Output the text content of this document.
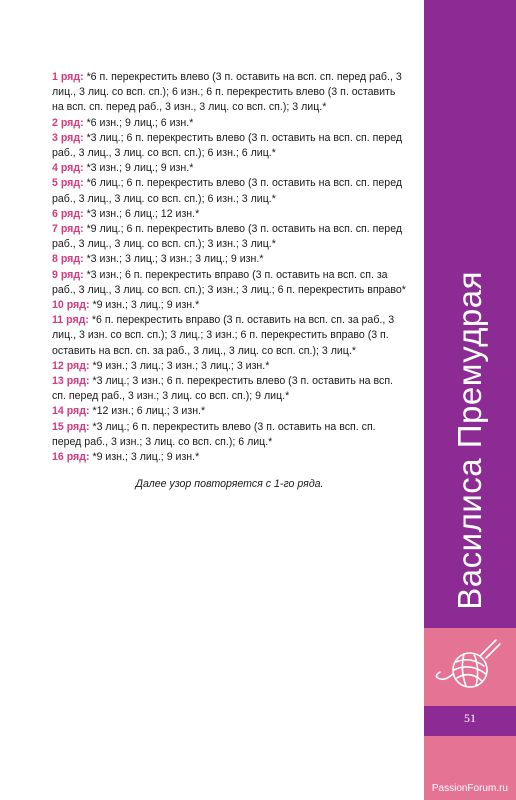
1 ряд: *6 п. перекрестить влево (3 п. оставить на всп. сп. перед раб., 3 лиц., 3 лиц. со всп. сп.); 6 изн.; 6 п. перекрестить влево (3 п. оставить на всп. сп. перед раб., 3 изн., 3 лиц. со всп. сп.); 3 лиц.*
2 ряд: *6 изн.; 9 лиц.; 6 изн.*
3 ряд: *3 лиц.; 6 п. перекрестить влево (3 п. оставить на всп. сп. перед раб., 3 лиц., 3 лиц. со всп. сп.); 6 изн.; 6 лиц.*
4 ряд: *3 изн.; 9 лиц.; 9 изн.*
5 ряд: *6 лиц.; 6 п. перекрестить влево (3 п. оставить на всп. сп. перед раб., 3 лиц., 3 лиц. со всп. сп.); 6 изн.; 3 лиц.*
6 ряд: *3 изн.; 6 лиц.; 12 изн.*
7 ряд: *9 лиц.; 6 п. перекрестить влево (3 п. оставить на всп. сп. перед раб., 3 лиц., 3 лиц. со всп. сп.); 3 изн.; 3 лиц.*
8 ряд: *3 изн.; 3 лиц.; 3 изн.; 3 лиц.; 9 изн.*
9 ряд: *3 изн.; 6 п. перекрестить вправо (3 п. оставить на всп. сп. за раб., 3 лиц., 3 лиц. со всп. сп.); 3 изн.; 3 лиц.; 6 п. перекрестить вправо*
10 ряд: *9 изн.; 3 лиц.; 9 изн.*
11 ряд: *6 п. перекрестить вправо (3 п. оставить на всп. сп. за раб., 3 лиц., 3 изн. со всп. сп.); 3 лиц.; 3 изн.; 6 п. перекрестить вправо (3 п. оставить на всп. сп. за раб., 3 лиц., 3 лиц. со всп. сп.); 3 лиц.*
12 ряд: *9 изн.; 3 лиц.; 3 изн.; 3 лиц.; 3 изн.*
13 ряд: *3 лиц.; 3 изн.; 6 п. перекрестить влево (3 п. оставить на всп. сп. перед раб., 3 изн.; 3 лиц. со всп. сп.); 9 лиц.*
14 ряд: *12 изн.; 6 лиц.; 3 изн.*
15 ряд: *3 лиц.; 6 п. перекрестить влево (3 п. оставить на всп. сп. перед раб., 3 изн.; 3 лиц. со всп. сп.); 6 лиц.*
16 ряд: *9 изн.; 3 лиц.; 9 изн.*
Далее узор повторяется с 1-го ряда.	Василиса Премудрая
51
PassionForum.ru
